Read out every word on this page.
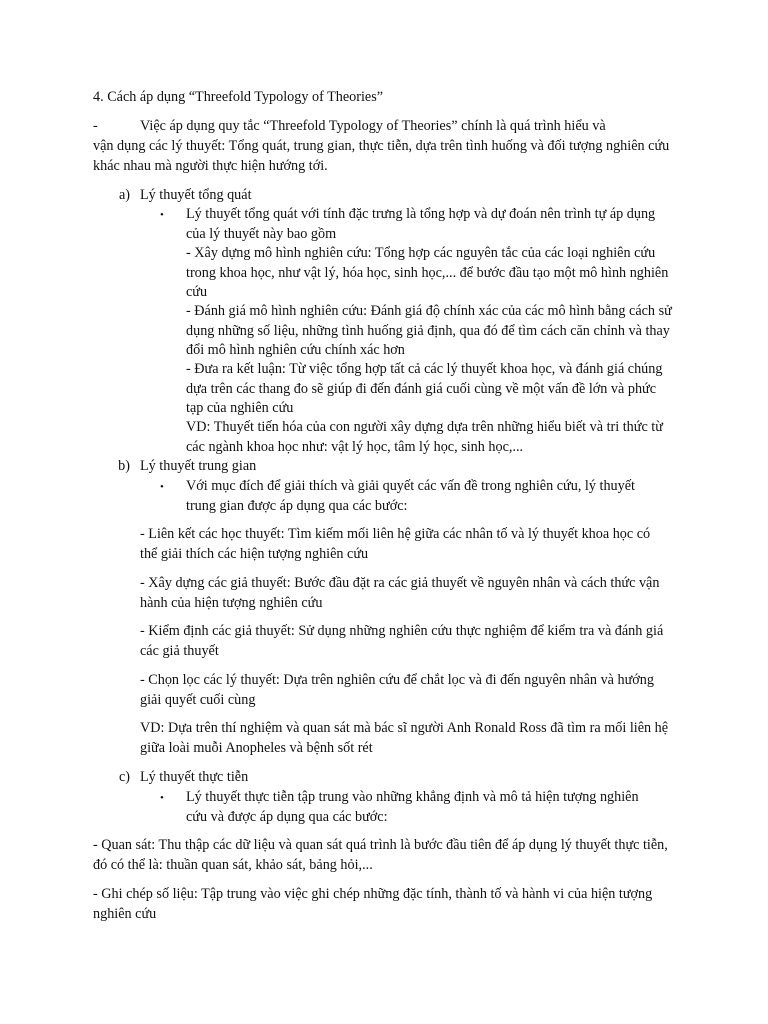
4. Cách áp dụng “Threefold Typology of Theories”

-	Việc áp dụng quy tắc “Threefold Typology of Theories” chính là quá trình hiểu và

vận dụng các lý thuyết: Tổng quát, trung gian, thực tiễn, dựa trên tình huống và đối tượng nghiên cứu khác nhau mà người thực hiện hướng tới.

a) Lý thuyết tổng quát
• Lý thuyết tổng quát với tính đặc trưng là tổng hợp và dự đoán nên trình tự áp dụng của lý thuyết này bao gồm

- Xây dựng mô hình nghiên cứu: Tổng hợp các nguyên tắc của các loại nghiên cứu trong khoa học, như vật lý, hóa học, sinh học,... để bước đầu tạo một mô hình nghiên cứu

- Đánh giá mô hình nghiên cứu: Đánh giá độ chính xác của các mô hình bằng cách sử dụng những số liệu, những tình huống giả định, qua đó để tìm cách căn chỉnh và thay đổi mô hình nghiên cứu chính xác hơn

- Đưa ra kết luận: Từ việc tổng hợp tất cả các lý thuyết khoa học, và đánh giá chúng dựa trên các thang đo sẽ giúp đi đến đánh giá cuối cùng về một vấn đề lớn và phức tạp của nghiên cứu

VD: Thuyết tiến hóa của con người xây dựng dựa trên những hiểu biết và tri thức từ các ngành khoa học như: vật lý học, tâm lý học, sinh học,...

b) Lý thuyết trung gian
• Với mục đích để giải thích và giải quyết các vấn đề trong nghiên cứu, lý thuyết trung gian được áp dụng qua các bước:

- Liên kết các học thuyết: Tìm kiếm mối liên hệ giữa các nhân tố và lý thuyết khoa học có thể giải thích các hiện tượng nghiên cứu

- Xây dựng các giả thuyết: Bước đầu đặt ra các giả thuyết về nguyên nhân và cách thức vận hành của hiện tượng nghiên cứu

- Kiểm định các giả thuyết: Sử dụng những nghiên cứu thực nghiệm để kiểm tra và đánh giá các giả thuyết

- Chọn lọc các lý thuyết: Dựa trên nghiên cứu để chắt lọc và đi đến nguyên nhân và hướng giải quyết cuối cùng

VD: Dựa trên thí nghiệm và quan sát mà bác sĩ người Anh Ronald Ross đã tìm ra mối liên hệ giữa loài muỗi Anopheles và bệnh sốt rét

c) Lý thuyết thực tiễn
• Lý thuyết thực tiễn tập trung vào những khẳng định và mô tả hiện tượng nghiên cứu và được áp dụng qua các bước:

- Quan sát: Thu thập các dữ liệu và quan sát quá trình là bước đầu tiên để áp dụng lý thuyết thực tiễn, đó có thể là: thuần quan sát, khảo sát, bảng hỏi,...

- Ghi chép số liệu: Tập trung vào việc ghi chép những đặc tính, thành tố và hành vi của hiện tượng nghiên cứu
